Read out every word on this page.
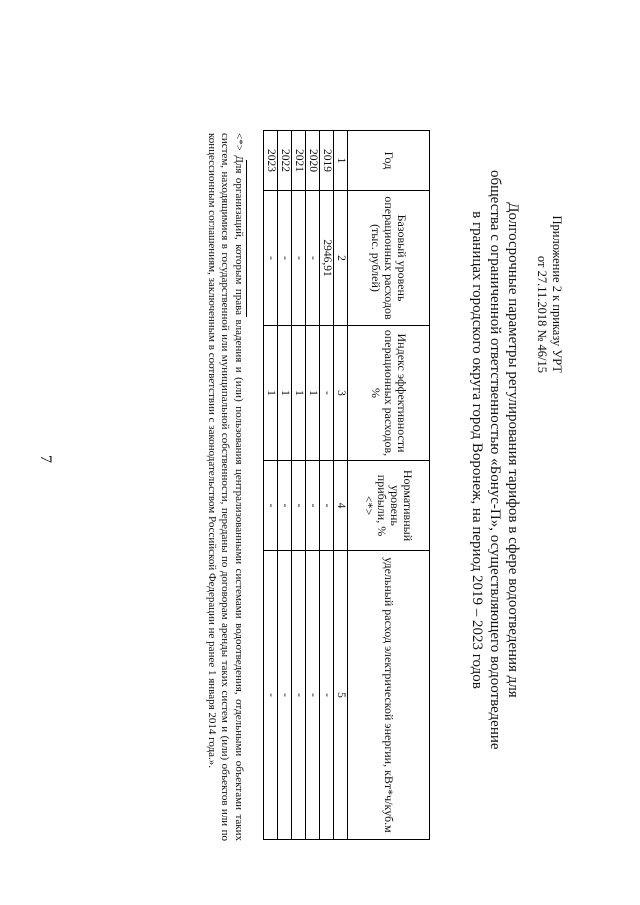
7
Приложение 2 к приказу УРТ
от 27.11.2018 № 46/15
Долгосрочные параметры регулирования тарифов в сфере водоотведения для
общества с ограниченной ответственностью «Бонус-П», осуществляющего водоотведение
в границах городского округа город Воронеж, на период 2019 – 2023 годов
Год	Базовый уровень операционных расходов (тыс. рублей)	Индекс эффективности операционных расходов, %	Нормативный уровень прибыли, % <*>	удельный расход электрической энергии, кВт*ч/куб.м
1	2	3	4	5
2019	2946,91	-	-	-
2020	-	1	-	-
2021	-	1	-	-
2022	-	1	-	-
2023	-	1	-	-
<*> Для организаций, которым права владения и (или) пользования централизованными системами водоотведения, отдельными объектами таких систем, находящимися в государственной или муниципальной собственности, переданы по договорам аренды таких систем и (или) объектов или по концессионным соглашениям, заключенным в соответствии с законодательством Российской Федерации не ранее 1 января 2014 года.».
